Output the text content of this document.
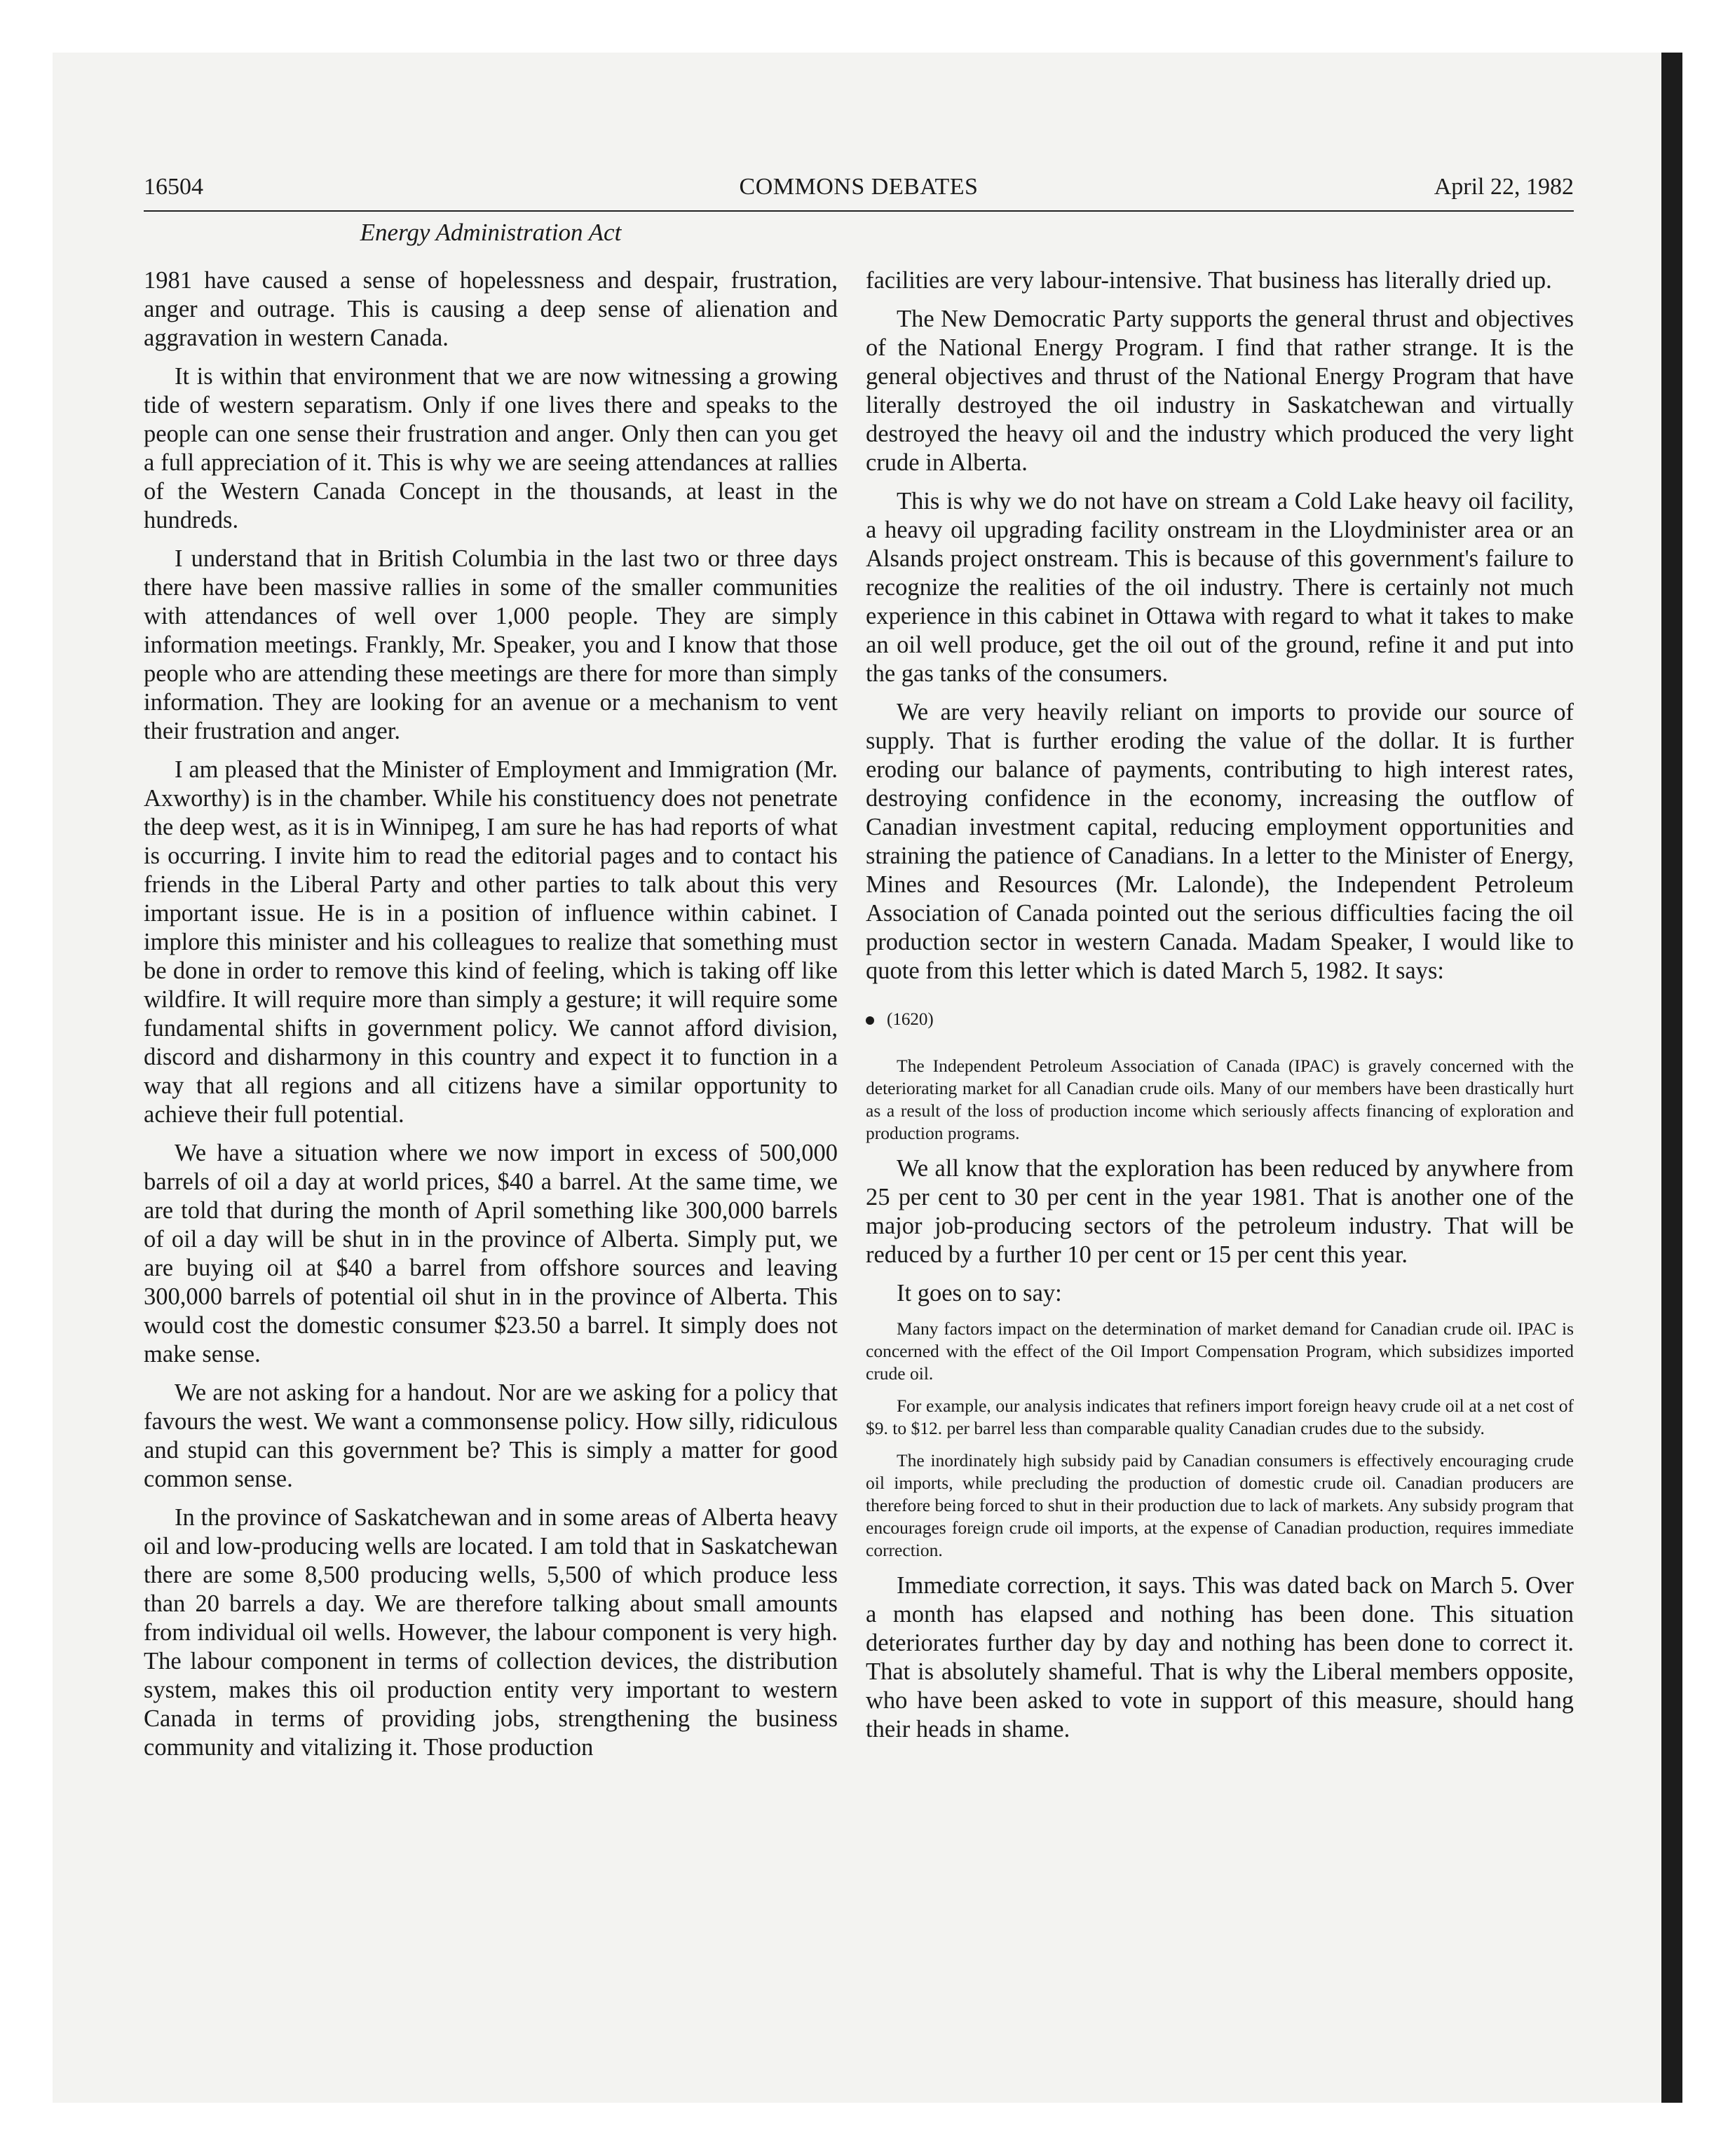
16504	COMMONS DEBATES	April 22, 1982
Energy Administration Act

1981 have caused a sense of hopelessness and despair, frustration, anger and outrage. This is causing a deep sense of alienation and aggravation in western Canada.

It is within that environment that we are now witnessing a growing tide of western separatism. Only if one lives there and speaks to the people can one sense their frustration and anger. Only then can you get a full appreciation of it. This is why we are seeing attendances at rallies of the Western Canada Concept in the thousands, at least in the hundreds.

I understand that in British Columbia in the last two or three days there have been massive rallies in some of the smaller communities with attendances of well over 1,000 people. They are simply information meetings. Frankly, Mr. Speaker, you and I know that those people who are attending these meetings are there for more than simply information. They are looking for an avenue or a mechanism to vent their frustration and anger.

I am pleased that the Minister of Employment and Immigration (Mr. Axworthy) is in the chamber. While his constituency does not penetrate the deep west, as it is in Winnipeg, I am sure he has had reports of what is occurring. I invite him to read the editorial pages and to contact his friends in the Liberal Party and other parties to talk about this very important issue. He is in a position of influence within cabinet. I implore this minister and his colleagues to realize that something must be done in order to remove this kind of feeling, which is taking off like wildfire. It will require more than simply a gesture; it will require some fundamental shifts in government policy. We cannot afford division, discord and disharmony in this country and expect it to function in a way that all regions and all citizens have a similar opportunity to achieve their full potential.

We have a situation where we now import in excess of 500,000 barrels of oil a day at world prices, $40 a barrel. At the same time, we are told that during the month of April something like 300,000 barrels of oil a day will be shut in in the province of Alberta. Simply put, we are buying oil at $40 a barrel from offshore sources and leaving 300,000 barrels of potential oil shut in in the province of Alberta. This would cost the domestic consumer $23.50 a barrel. It simply does not make sense.

We are not asking for a handout. Nor are we asking for a policy that favours the west. We want a commonsense policy. How silly, ridiculous and stupid can this government be? This is simply a matter for good common sense.

In the province of Saskatchewan and in some areas of Alberta heavy oil and low-producing wells are located. I am told that in Saskatchewan there are some 8,500 producing wells, 5,500 of which produce less than 20 barrels a day. We are therefore talking about small amounts from individual oil wells. However, the labour component is very high. The labour component in terms of collection devices, the distribution system, makes this oil production entity very important to western Canada in terms of providing jobs, strengthening the business community and vitalizing it. Those production

facilities are very labour-intensive. That business has literally dried up.

The New Democratic Party supports the general thrust and objectives of the National Energy Program. I find that rather strange. It is the general objectives and thrust of the National Energy Program that have literally destroyed the oil industry in Saskatchewan and virtually destroyed the heavy oil and the industry which produced the very light crude in Alberta.

This is why we do not have on stream a Cold Lake heavy oil facility, a heavy oil upgrading facility onstream in the Lloydminister area or an Alsands project onstream. This is because of this government's failure to recognize the realities of the oil industry. There is certainly not much experience in this cabinet in Ottawa with regard to what it takes to make an oil well produce, get the oil out of the ground, refine it and put into the gas tanks of the consumers.

We are very heavily reliant on imports to provide our source of supply. That is further eroding the value of the dollar. It is further eroding our balance of payments, contributing to high interest rates, destroying confidence in the economy, increasing the outflow of Canadian investment capital, reducing employment opportunities and straining the patience of Canadians. In a letter to the Minister of Energy, Mines and Resources (Mr. Lalonde), the Independent Petroleum Association of Canada pointed out the serious difficulties facing the oil production sector in western Canada. Madam Speaker, I would like to quote from this letter which is dated March 5, 1982. It says:

(1620)

The Independent Petroleum Association of Canada (IPAC) is gravely concerned with the deteriorating market for all Canadian crude oils. Many of our members have been drastically hurt as a result of the loss of production income which seriously affects financing of exploration and production programs.

We all know that the exploration has been reduced by anywhere from 25 per cent to 30 per cent in the year 1981. That is another one of the major job-producing sectors of the petroleum industry. That will be reduced by a further 10 per cent or 15 per cent this year.

It goes on to say:

Many factors impact on the determination of market demand for Canadian crude oil. IPAC is concerned with the effect of the Oil Import Compensation Program, which subsidizes imported crude oil.

For example, our analysis indicates that refiners import foreign heavy crude oil at a net cost of $9. to $12. per barrel less than comparable quality Canadian crudes due to the subsidy.

The inordinately high subsidy paid by Canadian consumers is effectively encouraging crude oil imports, while precluding the production of domestic crude oil. Canadian producers are therefore being forced to shut in their production due to lack of markets. Any subsidy program that encourages foreign crude oil imports, at the expense of Canadian production, requires immediate correction.

Immediate correction, it says. This was dated back on March 5. Over a month has elapsed and nothing has been done. This situation deteriorates further day by day and nothing has been done to correct it. That is absolutely shameful. That is why the Liberal members opposite, who have been asked to vote in support of this measure, should hang their heads in shame.
